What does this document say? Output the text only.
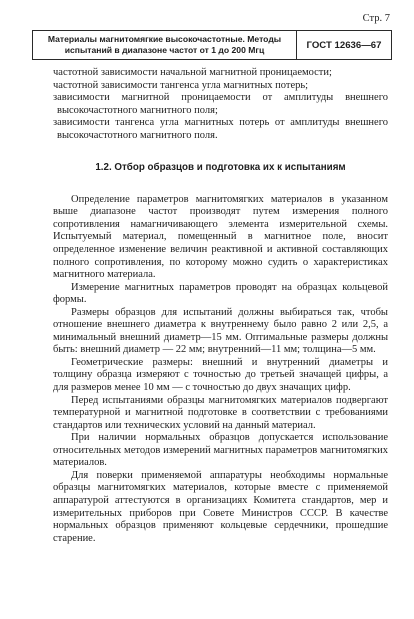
Стр. 7
Материалы магнитомягкие высокочастотные. Методы
испытаний в диапазоне частот от 1 до 200 Мгц	ГОСТ 12636—67

частотной зависимости начальной магнитной проницаемости;

частотной зависимости тангенса угла магнитных потерь;

зависимости магнитной проницаемости от амплитуды внешнего высокочастотного магнитного поля;

зависимости тангенса угла магнитных потерь от амплитуды внешнего высокочастотного магнитного поля.

1.2. Отбор образцов и подготовка их к испытаниям

Определение параметров магнитомягких материалов в указанном выше диапазоне частот производят путем измерения полного сопротивления намагничивающего элемента измерительной схемы. Испытуемый материал, помещенный в магнитное поле, вносит определенное изменение величин реактивной и активной составляющих полного сопротивления, по которому можно судить о характеристиках магнитного материала.

Измерение магнитных параметров проводят на образцах кольцевой формы.

Размеры образцов для испытаний должны выбираться так, чтобы отношение внешнего диаметра к внутреннему было равно 2 или 2,5, а минимальный внешний диаметр—15 мм. Оптимальные размеры должны быть: внешний диаметр — 22 мм; внутренний—11 мм; толщина—5 мм.

Геометрические размеры: внешний и внутренний диаметры и толщину образца измеряют с точностью до третьей значащей цифры, а для размеров менее 10 мм — с точностью до двух значащих цифр.

Перед испытаниями образцы магнитомягких материалов подвергают температурной и магнитной подготовке в соответствии с требованиями стандартов или технических условий на данный материал.

При наличии нормальных образцов допускается использование относительных методов измерений магнитных параметров магнитомягких материалов.

Для поверки применяемой аппаратуры необходимы нормальные образцы магнитомягких материалов, которые вместе с применяемой аппаратурой аттестуются в организациях Комитета стандартов, мер и измерительных приборов при Совете Министров СССР. В качестве нормальных образцов применяют кольцевые сердечники, прошедшие старение.
